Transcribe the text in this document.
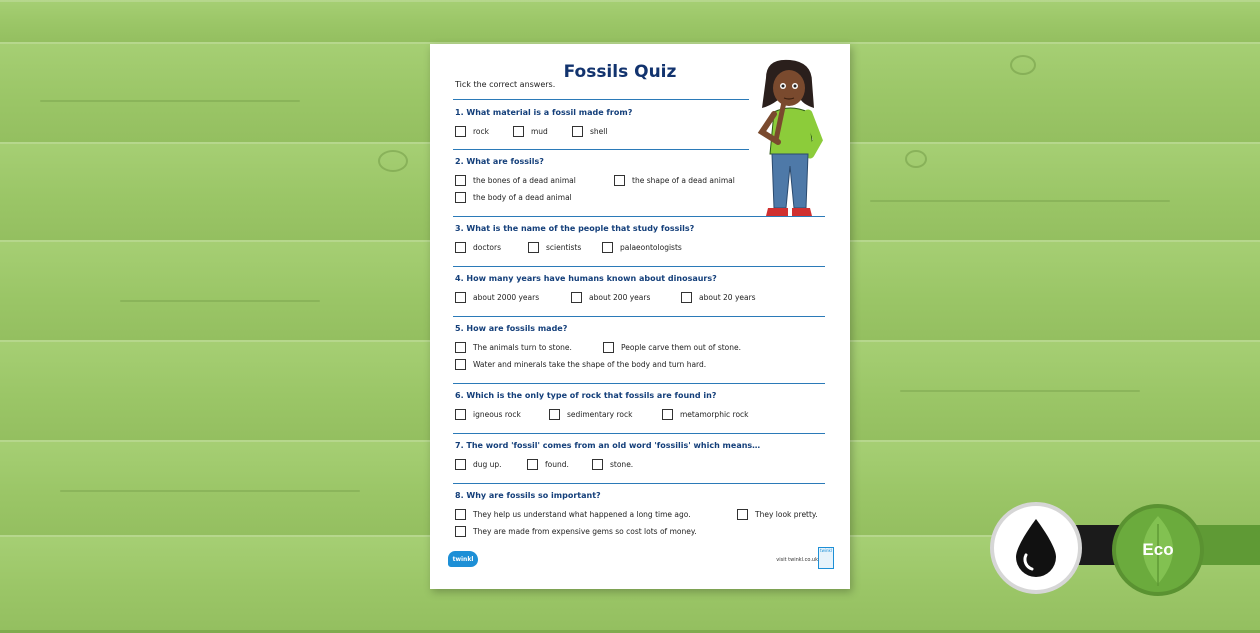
Fossils Quiz
Tick the correct answers.
1. What material is a fossil made from?
rock	mud	shell
2. What are fossils?
the bones of a dead animal	the shape of a dead animal
the body of a dead animal
3. What is the name of the people that study fossils?
doctors	scientists	palaeontologists
4. How many years have humans known about dinosaurs?
about 2000 years	about 200 years	about 20 years
5. How are fossils made?
The animals turn to stone.	People carve them out of stone.
Water and minerals take the shape of the body and turn hard.
6. Which is the only type of rock that fossils are found in?
igneous rock	sedimentary rock	metamorphic rock
7. The word 'fossil' comes from an old word 'fossilis' which means…
dug up.	found.	stone.
8. Why are fossils so important?
They help us understand what happened a long time ago.	They look pretty.
They are made from expensive gems so cost lots of money.
twinkl	visit twinkl.co.uk
twinkl	Eco
